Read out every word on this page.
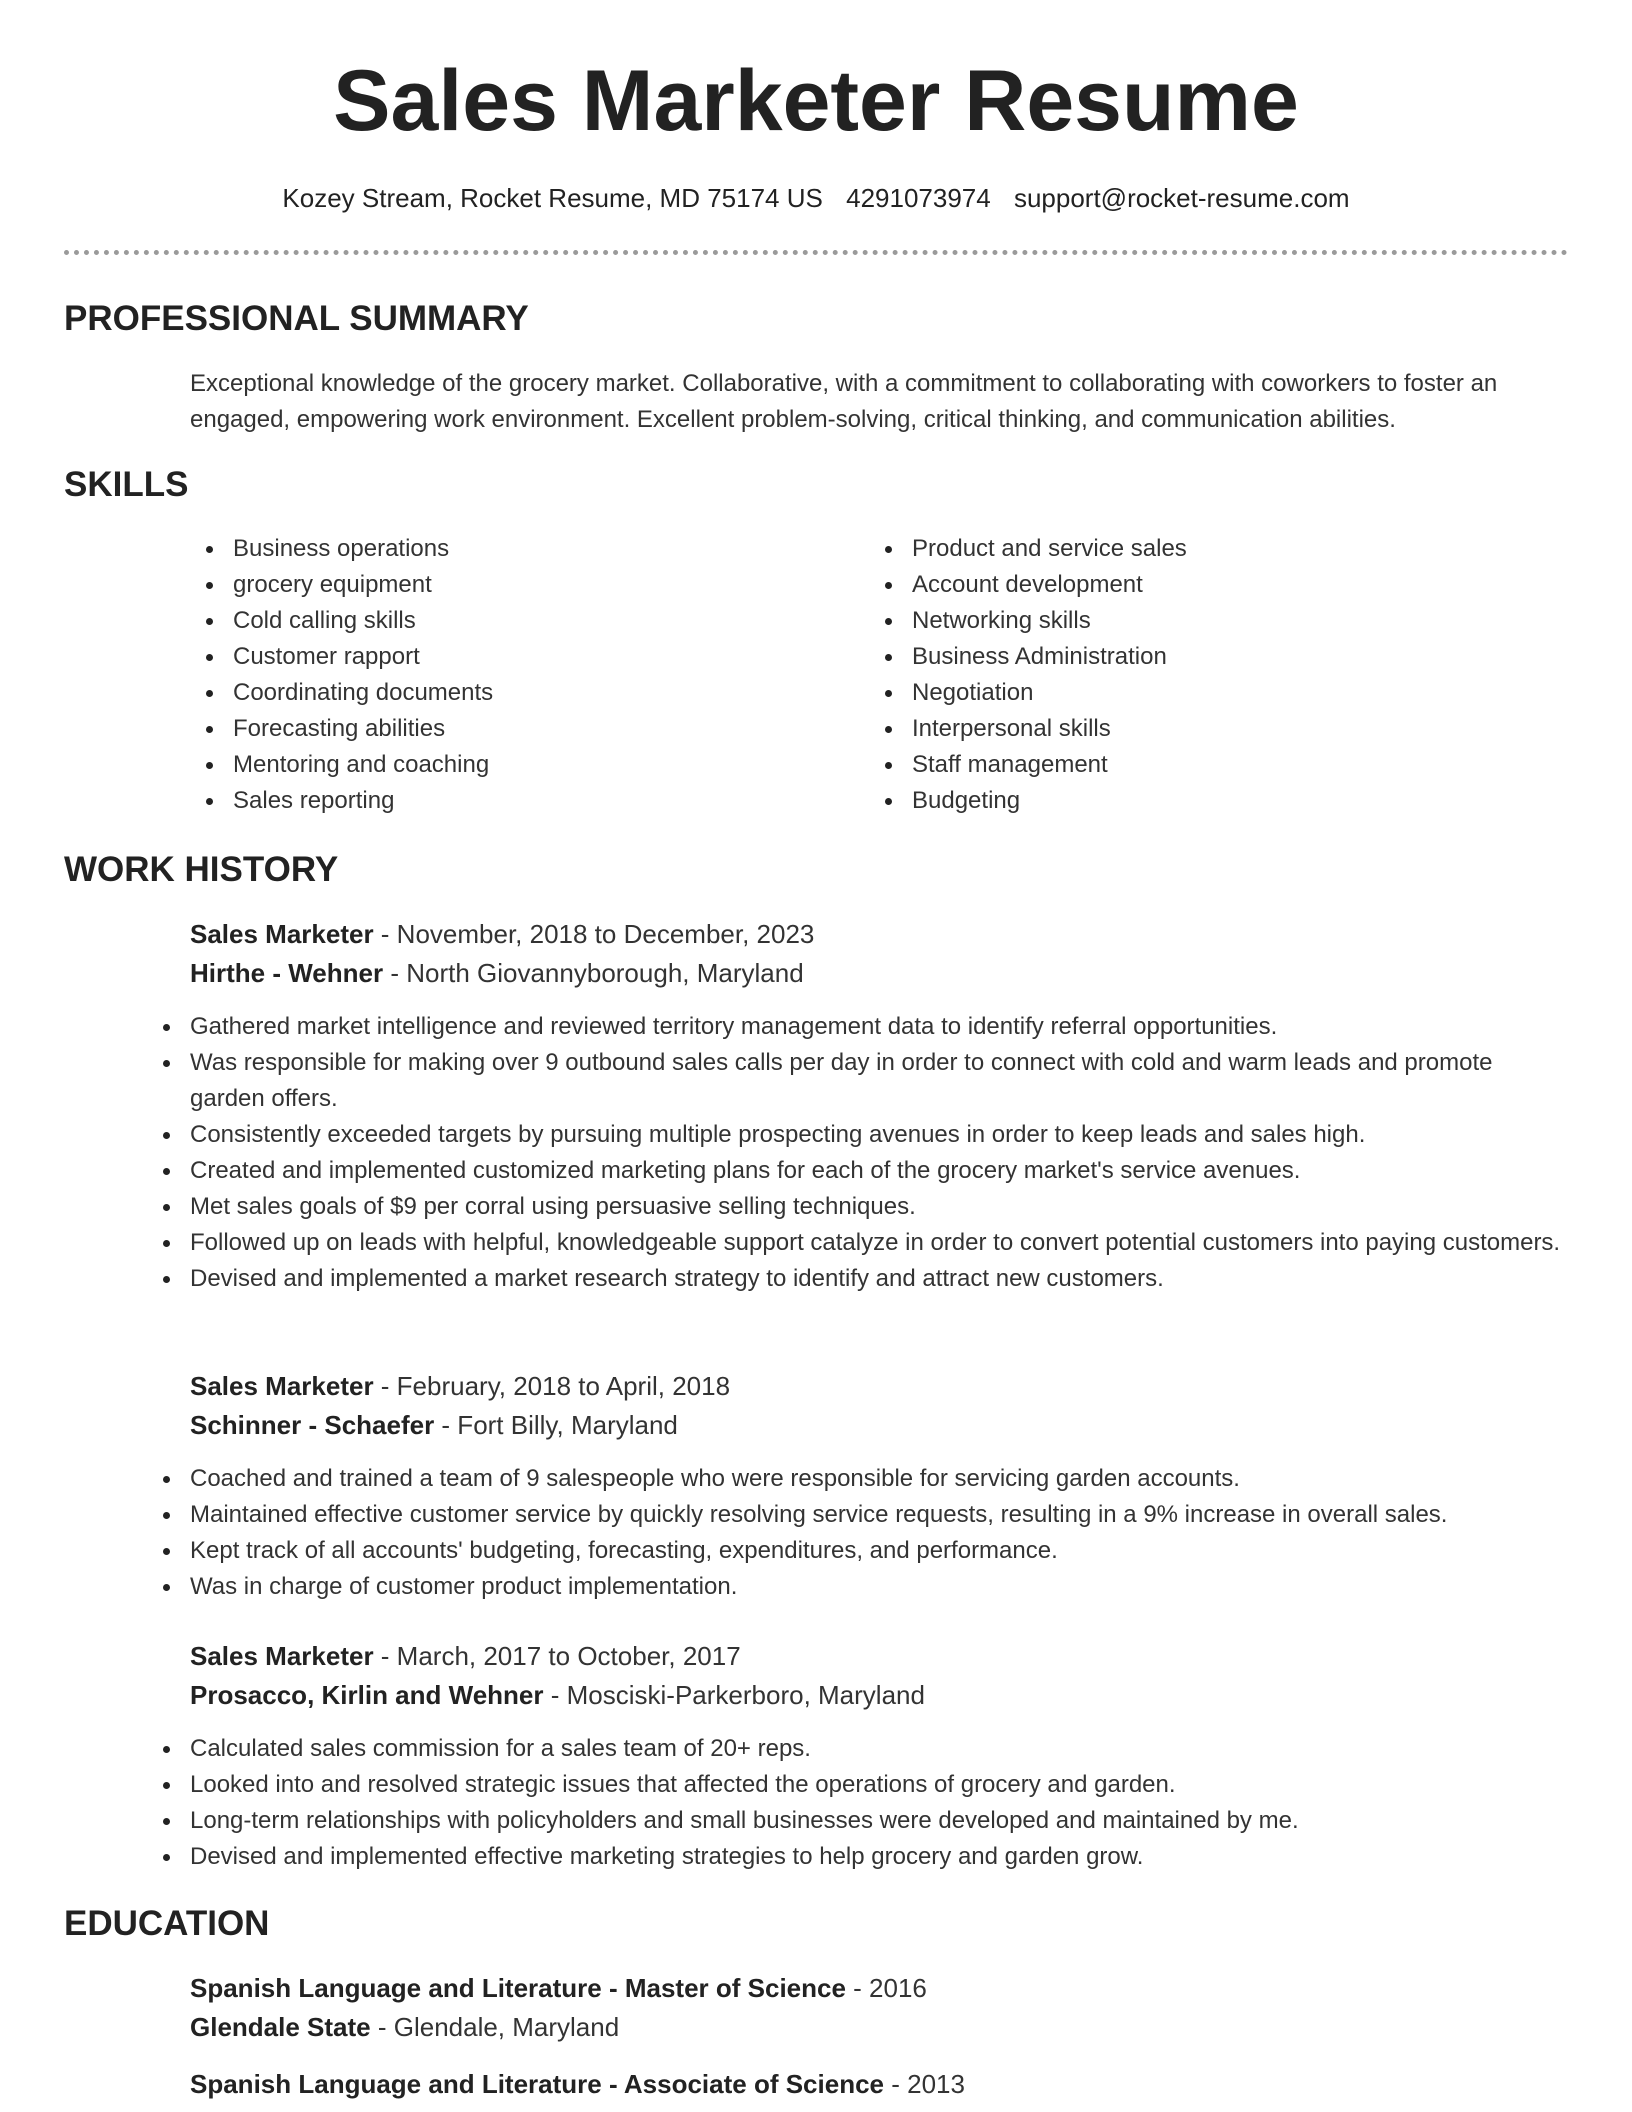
Sales Marketer Resume
Kozey Stream, Rocket Resume, MD 75174 US 4291073974 support@rocket-resume.com
PROFESSIONAL SUMMARY

Exceptional knowledge of the grocery market. Collaborative, with a commitment to collaborating with coworkers to foster an engaged, empowering work environment. Excellent problem-solving, critical thinking, and communication abilities.

SKILLS
Business operations
grocery equipment
Cold calling skills
Customer rapport
Coordinating documents
Forecasting abilities
Mentoring and coaching
Sales reporting
Product and service sales
Account development
Networking skills
Business Administration
Negotiation
Interpersonal skills
Staff management
Budgeting
WORK HISTORY
Sales Marketer - November, 2018 to December, 2023
Hirthe - Wehner - North Giovannyborough, Maryland
Gathered market intelligence and reviewed territory management data to identify referral opportunities.
Was responsible for making over 9 outbound sales calls per day in order to connect with cold and warm leads and promote garden offers.
Consistently exceeded targets by pursuing multiple prospecting avenues in order to keep leads and sales high.
Created and implemented customized marketing plans for each of the grocery market's service avenues.
Met sales goals of $9 per corral using persuasive selling techniques.
Followed up on leads with helpful, knowledgeable support catalyze in order to convert potential customers into paying customers.
Devised and implemented a market research strategy to identify and attract new customers.
Sales Marketer - February, 2018 to April, 2018
Schinner - Schaefer - Fort Billy, Maryland
Coached and trained a team of 9 salespeople who were responsible for servicing garden accounts.
Maintained effective customer service by quickly resolving service requests, resulting in a 9% increase in overall sales.
Kept track of all accounts' budgeting, forecasting, expenditures, and performance.
Was in charge of customer product implementation.
Sales Marketer - March, 2017 to October, 2017
Prosacco, Kirlin and Wehner - Mosciski-Parkerboro, Maryland
Calculated sales commission for a sales team of 20+ reps.
Looked into and resolved strategic issues that affected the operations of grocery and garden.
Long-term relationships with policyholders and small businesses were developed and maintained by me.
Devised and implemented effective marketing strategies to help grocery and garden grow.
EDUCATION
Spanish Language and Literature - Master of Science - 2016
Glendale State - Glendale, Maryland
Spanish Language and Literature - Associate of Science - 2013
